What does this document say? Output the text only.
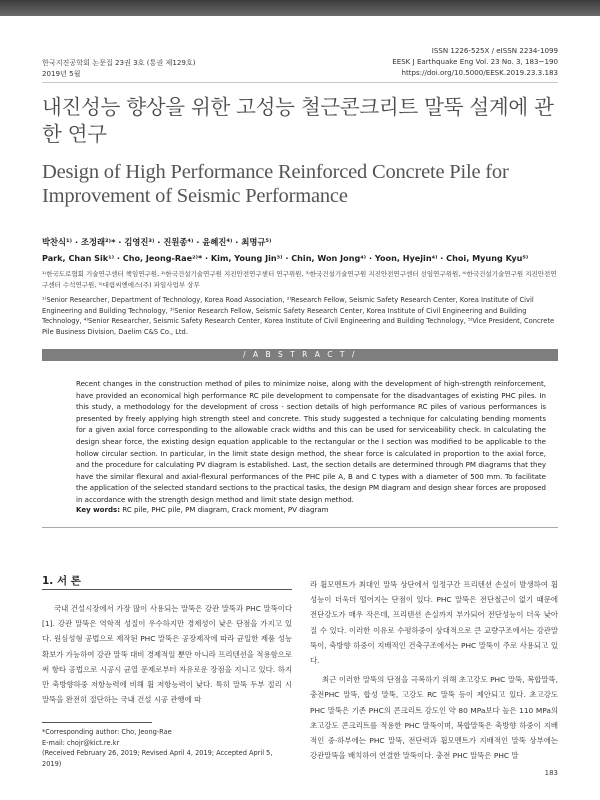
한국지진공학회 논문집 23권 3호 (통권 제129호)
2019년 5월
ISSN 1226-525X / eISSN 2234-1099
EESK J Earthquake Eng Vol. 23 No. 3, 183~190
https://doi.org/10.5000/EESK.2019.23.3.183
내진성능 향상을 위한 고성능 철근콘크리트 말뚝 설계에 관한 연구
Design of High Performance Reinforced Concrete Pile for Improvement of Seismic Performance
박찬식¹⁾ · 조정래²⁾* · 김영진³⁾ · 진원종⁴⁾ · 윤혜진⁴⁾ · 최명규⁵⁾
Park, Chan Sik¹⁾ · Cho, Jeong-Rae²⁾* · Kim, Young Jin³⁾ · Chin, Won Jong⁴⁾ · Yoon, Hyejin⁴⁾ · Choi, Myung Kyu⁵⁾
¹⁾한국도로협회 기술연구센터 책임연구원, ²⁾한국건설기술연구원 지진안전연구센터 연구위원, ³⁾한국건설기술연구원 지진안전연구센터 선임연구위원, ⁴⁾한국건설기술연구원 지진안전연구센터 수석연구원, ⁵⁾대림씨엔에스(주) 파일사업부 상무
¹⁾Senior Researcher, Department of Technology, Korea Road Association, ²⁾Research Fellow, Seismic Safety Research Center, Korea Institute of Civil Engineering and Building Technology, ³⁾Senior Research Fellow, Seismic Safety Research Center, Korea Institute of Civil Engineering and Building Technology, ⁴⁾Senior Researcher, Seismic Safety Research Center, Korea Institute of Civil Engineering and Building Technology, ⁵⁾Vice President, Concrete Pile Business Division, Daelim C&S Co., Ltd.
/ A B S T R A C T /
Recent changes in the construction method of piles to minimize noise, along with the development of high-strength reinforcement, have provided an economical high performance RC pile development to compensate for the disadvantages of existing PHC piles. In this study, a methodology for the development of cross - section details of high performance RC piles of various performances is presented by freely applying high strength steel and concrete. This study suggested a technique for calculating bending moments for a given axial force corresponding to the allowable crack widths and this can be used for serviceability check. In calculating the design shear force, the existing design equation applicable to the rectangular or the I section was modified to be applicable to the hollow circular section. In particular, in the limit state design method, the shear force is calculated in proportion to the axial force, and the procedure for calculating PV diagram is established. Last, the section details are determined through PM diagrams that they have the similar flexural and axial-flexural performances of the PHC pile A, B and C types with a diameter of 500 mm. To facilitate the application of the selected standard sections to the practical tasks, the design PM diagram and design shear forces are proposed in accordance with the strength design method and limit state design method.
Key words: RC pile, PHC pile, PM diagram, Crack moment, PV diagram
1. 서 론

국내 건설시장에서 가장 많이 사용되는 말뚝은 강관 말뚝과 PHC 말뚝이다[1]. 강관 말뚝은 역학적 성질이 우수하지만 경제성이 낮은 단점을 가지고 있다. 원심성형 공법으로 제작된 PHC 말뚝은 공장제작에 따라 균일한 제품 성능 확보가 가능하여 강관 말뚝 대비 경제적일 뿐만 아니라 프리텐션을 적용함으로써 항타 공법으로 시공시 균열 문제로부터 자유로운 장점을 지니고 있다. 하지만 축방향하중 저항능력에 비해 휨 저항능력이 낮다. 특히 말뚝 두부 절리 시 말뚝을 완전히 절단하는 국내 건설 시공 관행에 따

라 휨모멘트가 최대인 말뚝 상단에서 일정구간 프리텐션 손실이 발생하여 휨성능이 더욱더 떨어지는 단점이 있다. PHC 말뚝은 전단철근이 없기 때문에 전단강도가 매우 작은데, 프리텐션 손실까지 부가되어 전단성능이 더욱 낮아질 수 있다. 이러한 이유로 수평하중이 상대적으로 큰 교량구조에서는 강관말뚝이, 축방향 하중이 지배적인 건축구조에서는 PHC 말뚝이 주로 사용되고 있다.

최근 이러한 말뚝의 단점을 극복하기 위해 초고강도 PHC 말뚝, 복합말뚝, 충전PHC 말뚝, 합성 말뚝, 고강도 RC 말뚝 등이 제안되고 있다. 초고강도 PHC 말뚝은 기존 PHC의 콘크리트 강도인 약 80 MPa보다 높은 110 MPa의 초고강도 콘크리트를 적용한 PHC 말뚝이며, 복합말뚝은 축방향 하중이 지배적인 중·하부에는 PHC 말뚝, 전단력과 휨모멘트가 지배적인 말뚝 상부에는 강관말뚝을 배치하여 연결한 말뚝이다. 충전 PHC 말뚝은 PHC 말

*Corresponding author: Cho, Jeong-Rae
E-mail: chojr@kict.re.kr
(Received February 26, 2019; Revised April 4, 2019; Accepted April 5, 2019)
183
